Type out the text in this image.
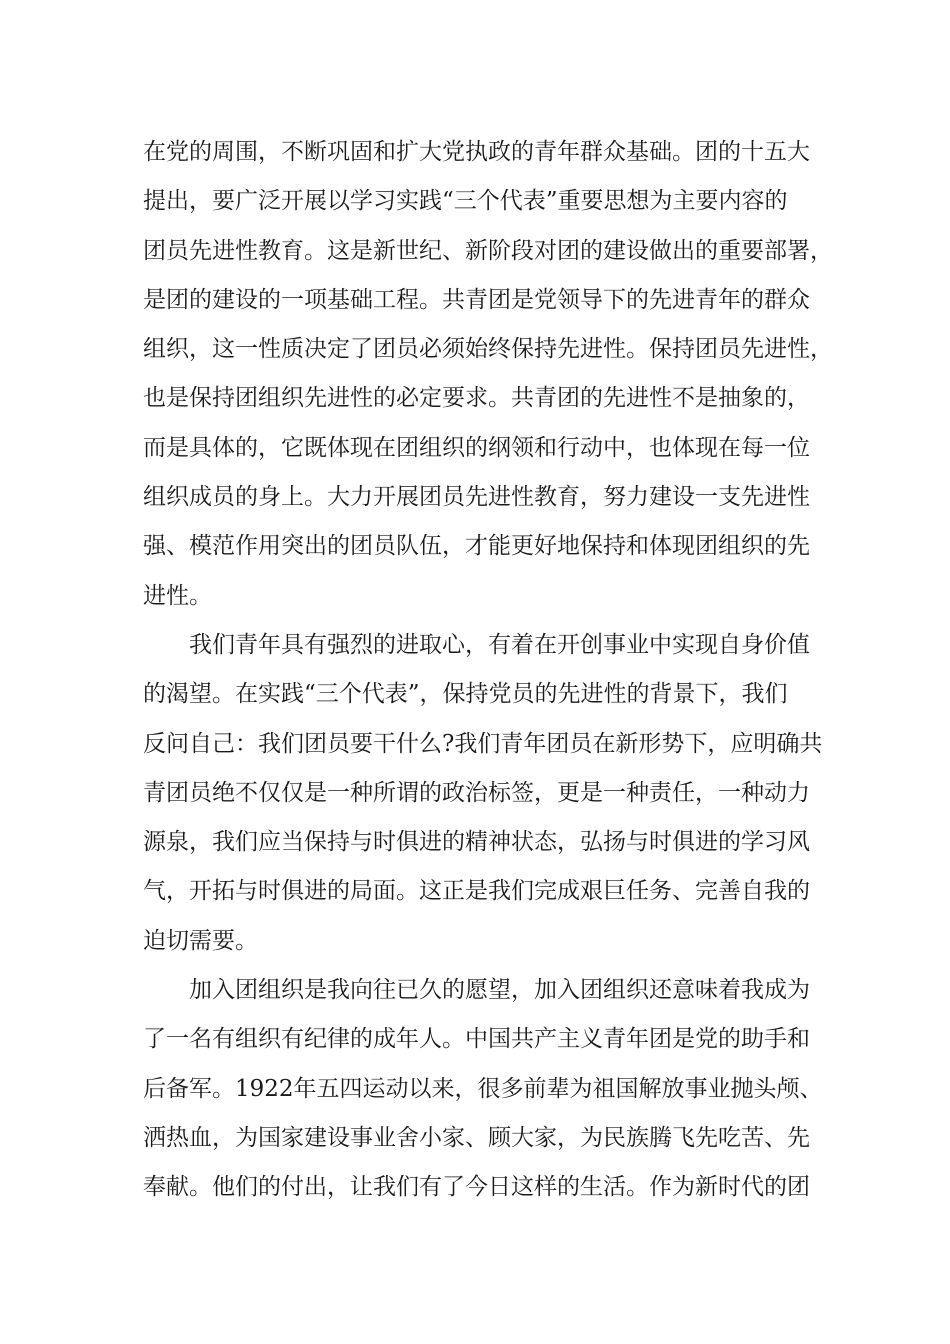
在党的周围，不断巩固和扩大党执政的青年群众基础。团的十五大
提出，要广泛开展以学习实践“三个代表”重要思想为主要内容的
团员先进性教育。这是新世纪、新阶段对团的建设做出的重要部署，
是团的建设的一项基础工程。共青团是党领导下的先进青年的群众
组织，这一性质决定了团员必须始终保持先进性。保持团员先进性，
也是保持团组织先进性的必定要求。共青团的先进性不是抽象的，
而是具体的，它既体现在团组织的纲领和行动中，也体现在每一位
组织成员的身上。大力开展团员先进性教育，努力建设一支先进性
强、模范作用突出的团员队伍，才能更好地保持和体现团组织的先
进性。
我们青年具有强烈的进取心，有着在开创事业中实现自身价值
的渴望。在实践“三个代表”，保持党员的先进性的背景下，我们
反问自己：我们团员要干什么?我们青年团员在新形势下，应明确共
青团员绝不仅仅是一种所谓的政治标签，更是一种责任，一种动力
源泉，我们应当保持与时俱进的精神状态，弘扬与时俱进的学习风
气，开拓与时俱进的局面。这正是我们完成艰巨任务、完善自我的
迫切需要。
加入团组织是我向往已久的愿望，加入团组织还意味着我成为
了一名有组织有纪律的成年人。中国共产主义青年团是党的助手和
后备军。1922年五四运动以来，很多前辈为祖国解放事业抛头颅、
洒热血，为国家建设事业舍小家、顾大家，为民族腾飞先吃苦、先
奉献。他们的付出，让我们有了今日这样的生活。作为新时代的团
